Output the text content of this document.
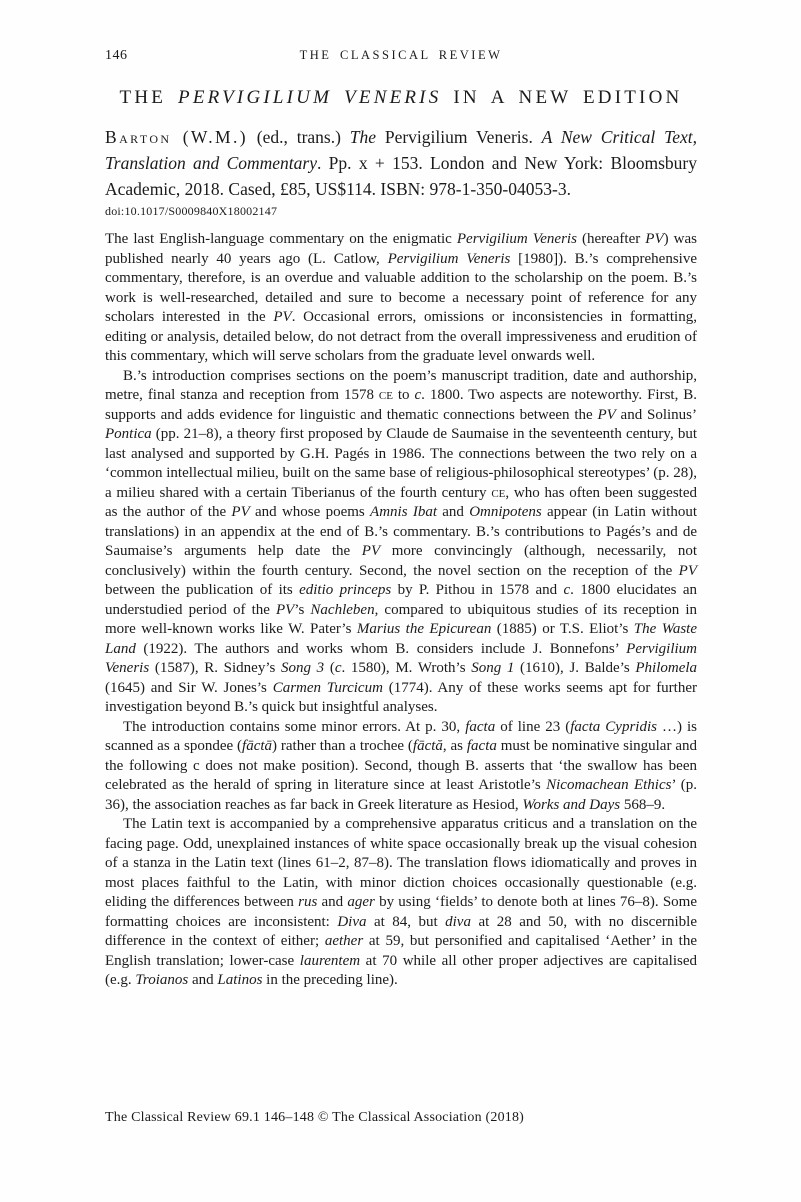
146	THE CLASSICAL REVIEW
THE PERVIGILIUM VENERIS IN A NEW EDITION
Barton (W.M.) (ed., trans.) The Pervigilium Veneris. A New Critical Text, Translation and Commentary. Pp. x + 153. London and New York: Bloomsbury Academic, 2018. Cased, £85, US$114. ISBN: 978-1-350-04053-3.
doi:10.1017/S0009840X18002147

The last English-language commentary on the enigmatic Pervigilium Veneris (hereafter PV) was published nearly 40 years ago (L. Catlow, Pervigilium Veneris [1980]). B.’s comprehensive commentary, therefore, is an overdue and valuable addition to the scholarship on the poem. B.’s work is well-researched, detailed and sure to become a necessary point of reference for any scholars interested in the PV. Occasional errors, omissions or inconsistencies in formatting, editing or analysis, detailed below, do not detract from the overall impressiveness and erudition of this commentary, which will serve scholars from the graduate level onwards well.

B.’s introduction comprises sections on the poem’s manuscript tradition, date and authorship, metre, final stanza and reception from 1578 ce to c. 1800. Two aspects are noteworthy. First, B. supports and adds evidence for linguistic and thematic connections between the PV and Solinus’ Pontica (pp. 21–8), a theory first proposed by Claude de Saumaise in the seventeenth century, but last analysed and supported by G.H. Pagés in 1986. The connections between the two rely on a ‘common intellectual milieu, built on the same base of religious-philosophical stereotypes’ (p. 28), a milieu shared with a certain Tiberianus of the fourth century ce, who has often been suggested as the author of the PV and whose poems Amnis Ibat and Omnipotens appear (in Latin without translations) in an appendix at the end of B.’s commentary. B.’s contributions to Pagés’s and de Saumaise’s arguments help date the PV more convincingly (although, necessarily, not conclusively) within the fourth century. Second, the novel section on the reception of the PV between the publication of its editio princeps by P. Pithou in 1578 and c. 1800 elucidates an understudied period of the PV’s Nachleben, compared to ubiquitous studies of its reception in more well-known works like W. Pater’s Marius the Epicurean (1885) or T.S. Eliot’s The Waste Land (1922). The authors and works whom B. considers include J. Bonnefons’ Pervigilium Veneris (1587), R. Sidney’s Song 3 (c. 1580), M. Wroth’s Song 1 (1610), J. Balde’s Philomela (1645) and Sir W. Jones’s Carmen Turcicum (1774). Any of these works seems apt for further investigation beyond B.’s quick but insightful analyses.

The introduction contains some minor errors. At p. 30, facta of line 23 (facta Cypridis …) is scanned as a spondee (fāctā) rather than a trochee (fāctă, as facta must be nominative singular and the following c does not make position). Second, though B. asserts that ‘the swallow has been celebrated as the herald of spring in literature since at least Aristotle’s Nicomachean Ethics’ (p. 36), the association reaches as far back in Greek literature as Hesiod, Works and Days 568–9.

The Latin text is accompanied by a comprehensive apparatus criticus and a translation on the facing page. Odd, unexplained instances of white space occasionally break up the visual cohesion of a stanza in the Latin text (lines 61–2, 87–8). The translation flows idiomatically and proves in most places faithful to the Latin, with minor diction choices occasionally questionable (e.g. eliding the differences between rus and ager by using ‘fields’ to denote both at lines 76–8). Some formatting choices are inconsistent: Diva at 84, but diva at 28 and 50, with no discernible difference in the context of either; aether at 59, but personified and capitalised ‘Aether’ in the English translation; lower-case laurentem at 70 while all other proper adjectives are capitalised (e.g. Troianos and Latinos in the preceding line).

The Classical Review 69.1 146–148 © The Classical Association (2018)
